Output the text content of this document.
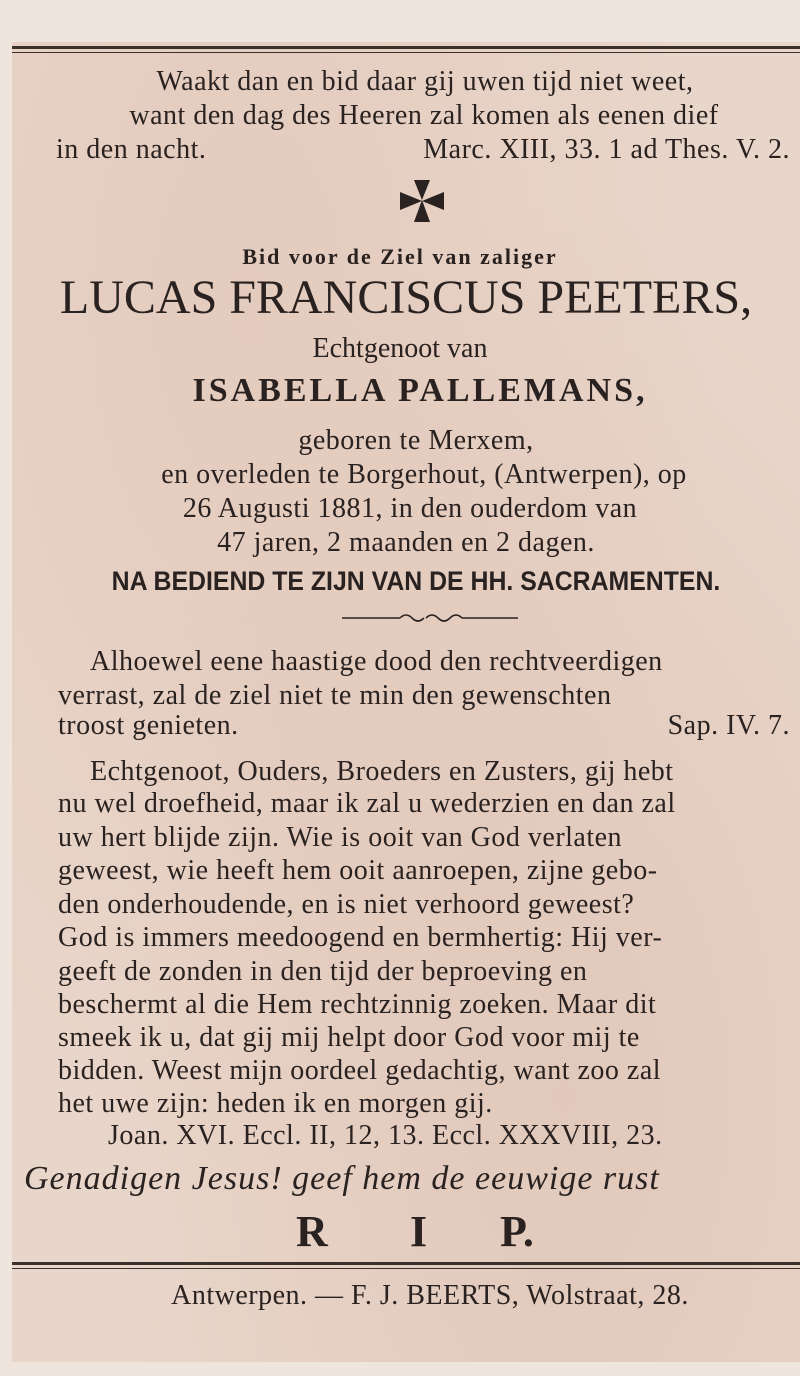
Waakt dan en bid daar gij uwen tijd niet weet,
want den dag des Heeren zal komen als eenen dief
in den nacht.	Marc. XIII, 33. 1 ad Thes. V. 2.
Bid voor de Ziel van zaliger
LUCAS FRANCISCUS PEETERS,
Echtgenoot van
ISABELLA PALLEMANS,
geboren te Merxem,
en overleden te Borgerhout, (Antwerpen), op
26 Augusti 1881, in den ouderdom van
47 jaren, 2 maanden en 2 dagen.
NA BEDIEND TE ZIJN VAN DE HH. SACRAMENTEN.
Alhoewel eene haastige dood den rechtveerdigen
verrast, zal de ziel niet te min den gewenschten
troost genieten.	Sap. IV. 7.
Echtgenoot, Ouders, Broeders en Zusters, gij hebt
nu wel droefheid, maar ik zal u wederzien en dan zal
uw hert blijde zijn. Wie is ooit van God verlaten
geweest, wie heeft hem ooit aanroepen, zijne gebo-
den onderhoudende, en is niet verhoord geweest?
God is immers meedoogend en bermhertig: Hij ver-
geeft de zonden in den tijd der beproeving en
beschermt al die Hem rechtzinnig zoeken. Maar dit
smeek ik u, dat gij mij helpt door God voor mij te
bidden. Weest mijn oordeel gedachtig, want zoo zal
het uwe zijn: heden ik en morgen gij.
Joan. XVI. Eccl. II, 12, 13. Eccl. XXXVIII, 23.
Genadigen Jesus! geef hem de eeuwige rust
R	I	P.
Antwerpen. — F. J. BEERTS, Wolstraat, 28.
